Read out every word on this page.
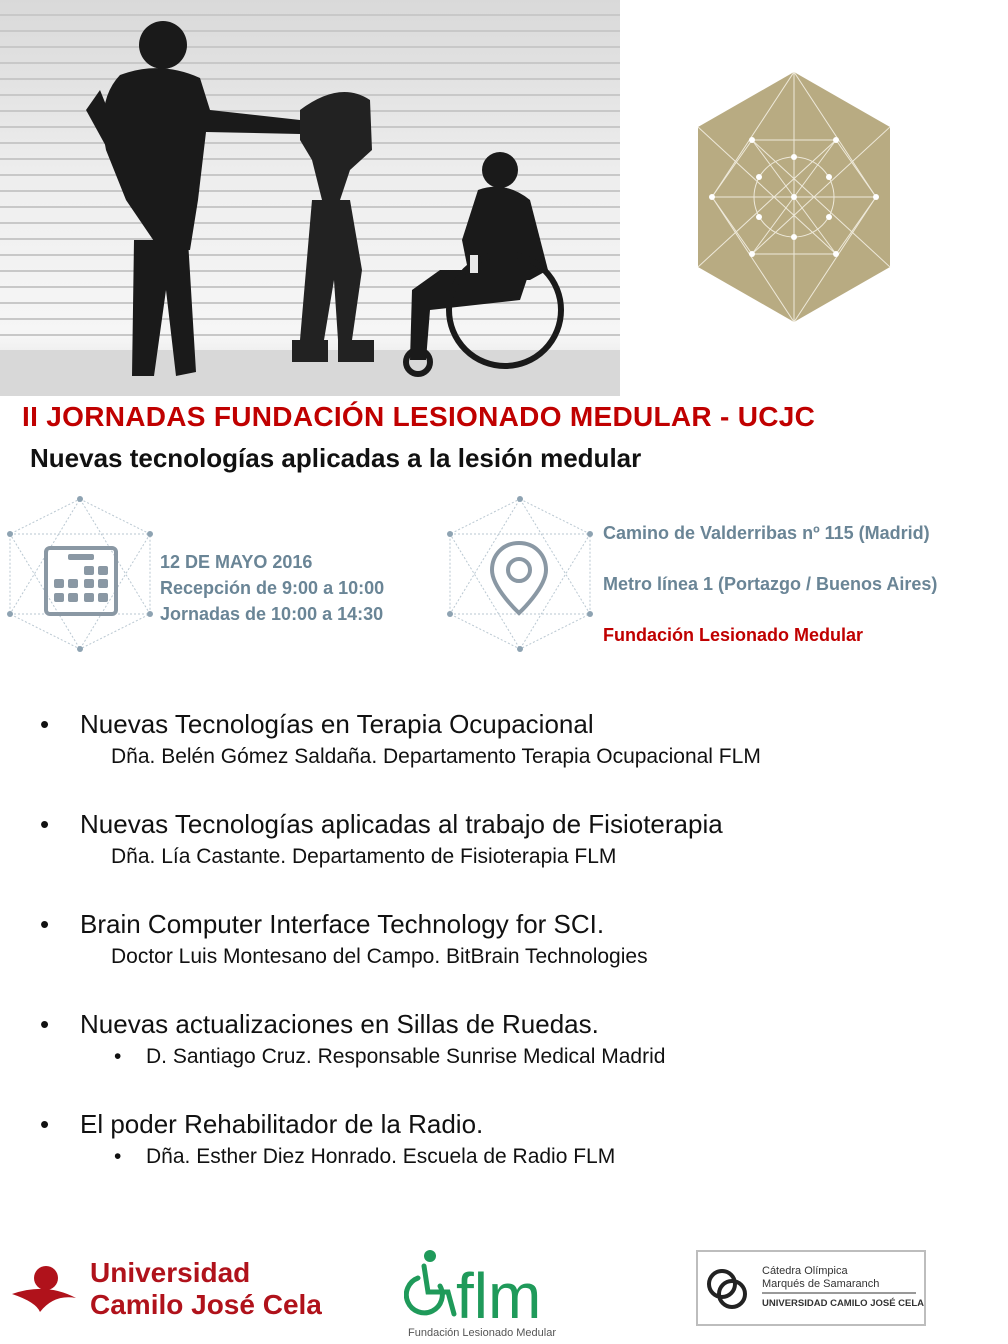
II JORNADAS FUNDACIÓN LESIONADO MEDULAR - UCJC
Nuevas tecnologías aplicadas a la lesión medular
12 DE MAYO 2016
Recepción de 9:00 a 10:00
Jornadas de 10:00 a 14:30
Camino de Valderribas nº 115 (Madrid)
Metro línea 1 (Portazgo / Buenos Aires)
Fundación Lesionado Medular
• Nuevas Tecnologías en Terapia Ocupacional
Dña. Belén Gómez Saldaña. Departamento Terapia Ocupacional FLM
• Nuevas Tecnologías aplicadas al trabajo de Fisioterapia
Dña. Lía Castante. Departamento de Fisioterapia FLM
• Brain Computer Interface Technology for SCI.
Doctor Luis Montesano del Campo. BitBrain Technologies
• Nuevas actualizaciones en Sillas de Ruedas.
• D. Santiago Cruz. Responsable Sunrise Medical Madrid
• El poder Rehabilitador de la Radio.
• Dña. Esther Diez Honrado. Escuela de Radio FLM
Universidad
Camilo José Cela flm
Fundación Lesionado Medular
Cátedra Olímpica
Marqués de Samaranch
UNIVERSIDAD CAMILO JOSÉ CELA
